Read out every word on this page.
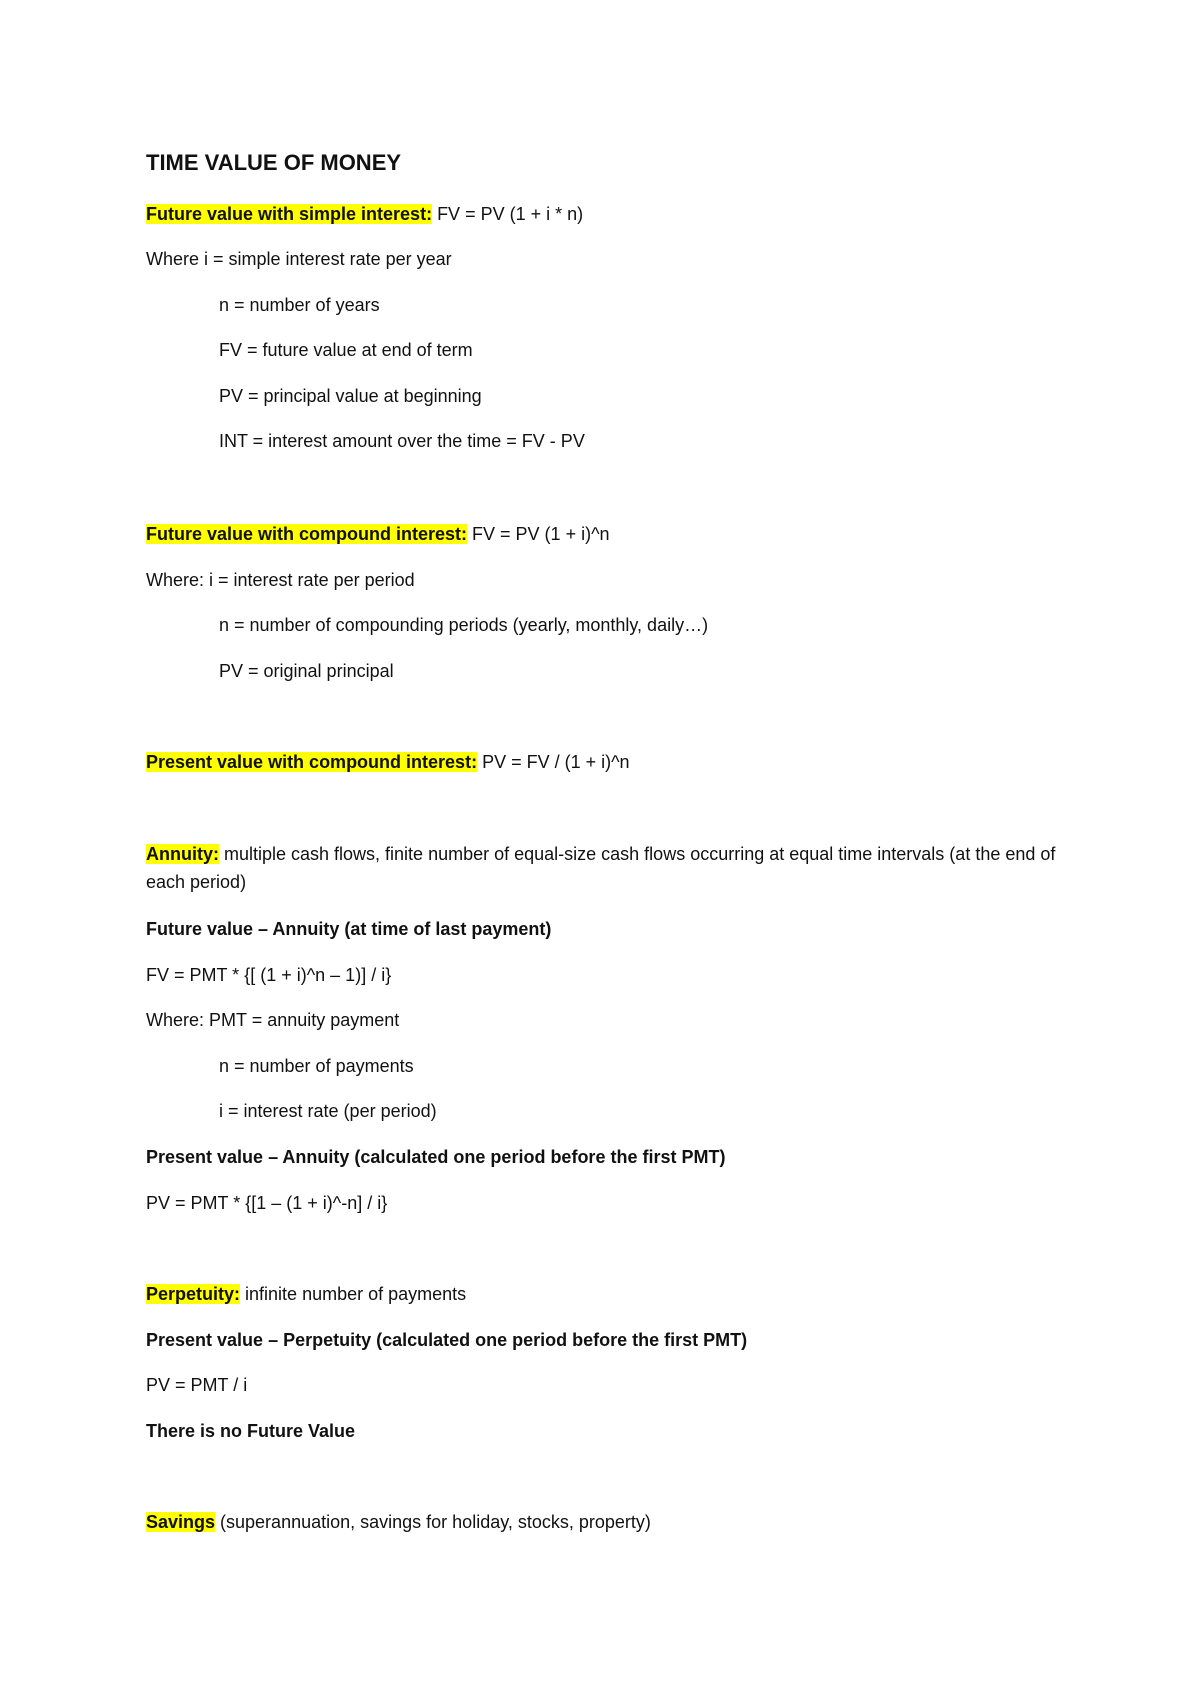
TIME VALUE OF MONEY
Future value with simple interest: FV = PV (1 + i * n)
Where i = simple interest rate per year
n = number of years
FV = future value at end of term
PV = principal value at beginning
INT = interest amount over the time = FV - PV
Future value with compound interest: FV = PV (1 + i)^n
Where: i = interest rate per period
n = number of compounding periods (yearly, monthly, daily…)
PV = original principal
Present value with compound interest: PV = FV / (1 + i)^n
Annuity: multiple cash flows, finite number of equal-size cash flows occurring at equal time intervals (at the end of each period)
Future value – Annuity (at time of last payment)
FV = PMT * {[ (1 + i)^n – 1)] / i}
Where: PMT = annuity payment
n = number of payments
i = interest rate (per period)
Present value – Annuity (calculated one period before the first PMT)
PV = PMT * {[1 – (1 + i)^-n] / i}
Perpetuity: infinite number of payments
Present value – Perpetuity (calculated one period before the first PMT)
PV = PMT / i
There is no Future Value
Savings (superannuation, savings for holiday, stocks, property)
